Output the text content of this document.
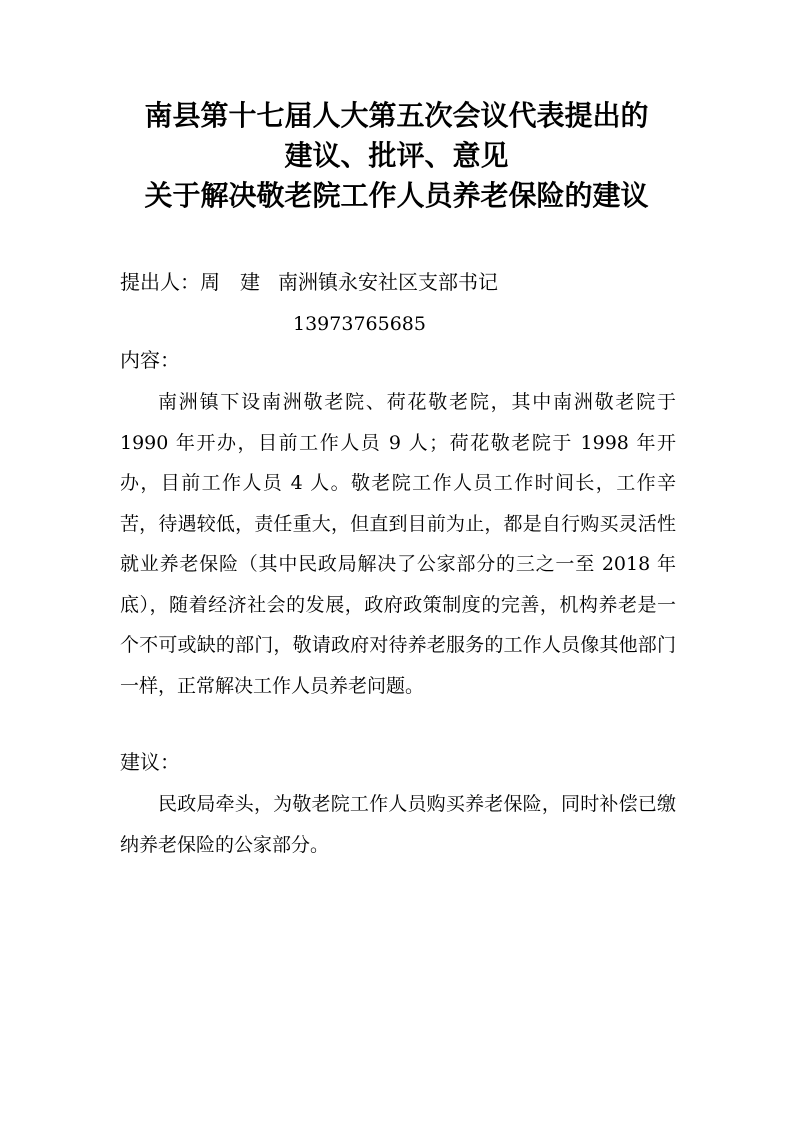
南县第十七届人大第五次会议代表提出的
建议、批评、意见
关于解决敬老院工作人员养老保险的建议
提出人：周　建 南洲镇永安社区支部书记
13973765685
内容：

南洲镇下设南洲敬老院、荷花敬老院，其中南洲敬老院于 1990 年开办，目前工作人员 9 人；荷花敬老院于 1998 年开办，目前工作人员 4 人。敬老院工作人员工作时间长，工作辛苦，待遇较低，责任重大，但直到目前为止，都是自行购买灵活性就业养老保险（其中民政局解决了公家部分的三之一至 2018 年底），随着经济社会的发展，政府政策制度的完善，机构养老是一个不可或缺的部门，敬请政府对待养老服务的工作人员像其他部门一样，正常解决工作人员养老问题。

建议：

民政局牵头，为敬老院工作人员购买养老保险，同时补偿已缴纳养老保险的公家部分。
